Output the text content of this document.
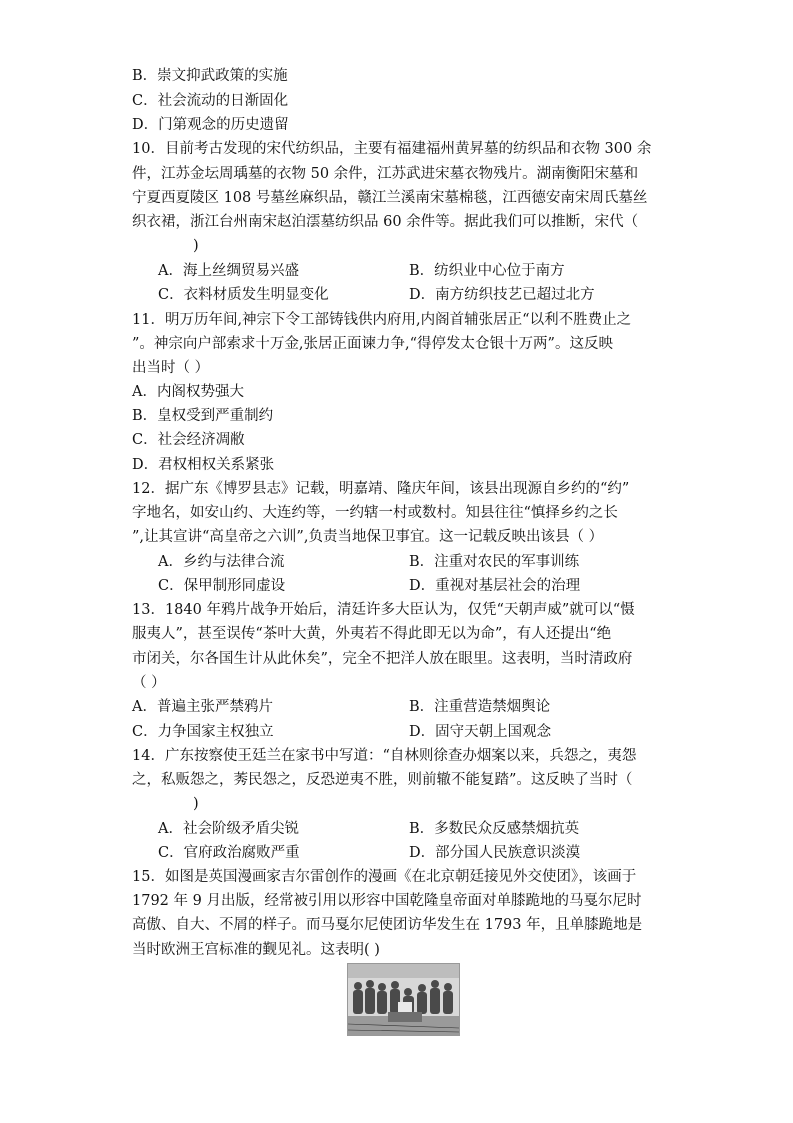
B．崇文抑武政策的实施
C．社会流动的日渐固化
D．门第观念的历史遗留
10．目前考古发现的宋代纺织品，主要有福建福州黄昇墓的纺织品和衣物 300 余
件，江苏金坛周瑀墓的衣物 50 余件，江苏武进宋墓衣物残片。湖南衡阳宋墓和
宁夏西夏陵区 108 号墓丝麻织品，赣江兰溪南宋墓棉毯，江西德安南宋周氏墓丝
织衣裙，浙江台州南宋赵泊澐墓纺织品 60 余件等。据此我们可以推断，宋代（
)
A．海上丝绸贸易兴盛	B．纺织业中心位于南方
C．衣料材质发生明显变化	D．南方纺织技艺已超过北方
11．明万历年间,神宗下令工部铸钱供内府用,内阁首辅张居正“以利不胜费止之
”。神宗向户部索求十万金,张居正面谏力争,“得停发太仓银十万两”。这反映
出当时（ ）
A．内阁权势强大
B．皇权受到严重制约
C．社会经济凋敝
D．君权相权关系紧张
12．据广东《博罗县志》记载，明嘉靖、隆庆年间，该县出现源自乡约的“约”
字地名，如安山约、大连约等，一约辖一村或数村。知县往往“慎择乡约之长
”,让其宣讲“高皇帝之六训”,负责当地保卫事宜。这一记载反映出该县（ ）
A．乡约与法律合流	B．注重对农民的军事训练
C．保甲制形同虚设	D．重视对基层社会的治理
13．1840 年鸦片战争开始后，清廷许多大臣认为，仅凭“天朝声威”就可以“慑
服夷人”，甚至误传“茶叶大黄，外夷若不得此即无以为命”，有人还提出“绝
市闭关，尔各国生计从此休矣”，完全不把洋人放在眼里。这表明，当时清政府
（ ）
A．普遍主张严禁鸦片	B．注重营造禁烟舆论
C．力争国家主权独立	D．固守天朝上国观念
14．广东按察使王廷兰在家书中写道：“自林则徐查办烟案以来，兵怨之，夷怨
之，私贩怨之，莠民怨之，反恐逆夷不胜，则前辙不能复踏”。这反映了当时（
)
A．社会阶级矛盾尖锐	B．多数民众反感禁烟抗英
C．官府政治腐败严重	D．部分国人民族意识淡漠
15．如图是英国漫画家吉尔雷创作的漫画《在北京朝廷接见外交使团》，该画于
1792 年 9 月出版，经常被引用以形容中国乾隆皇帝面对单膝跪地的马戛尔尼时
高傲、自大、不屑的样子。而马戛尔尼使团访华发生在 1793 年，且单膝跪地是
当时欧洲王宫标准的觐见礼。这表明( )
